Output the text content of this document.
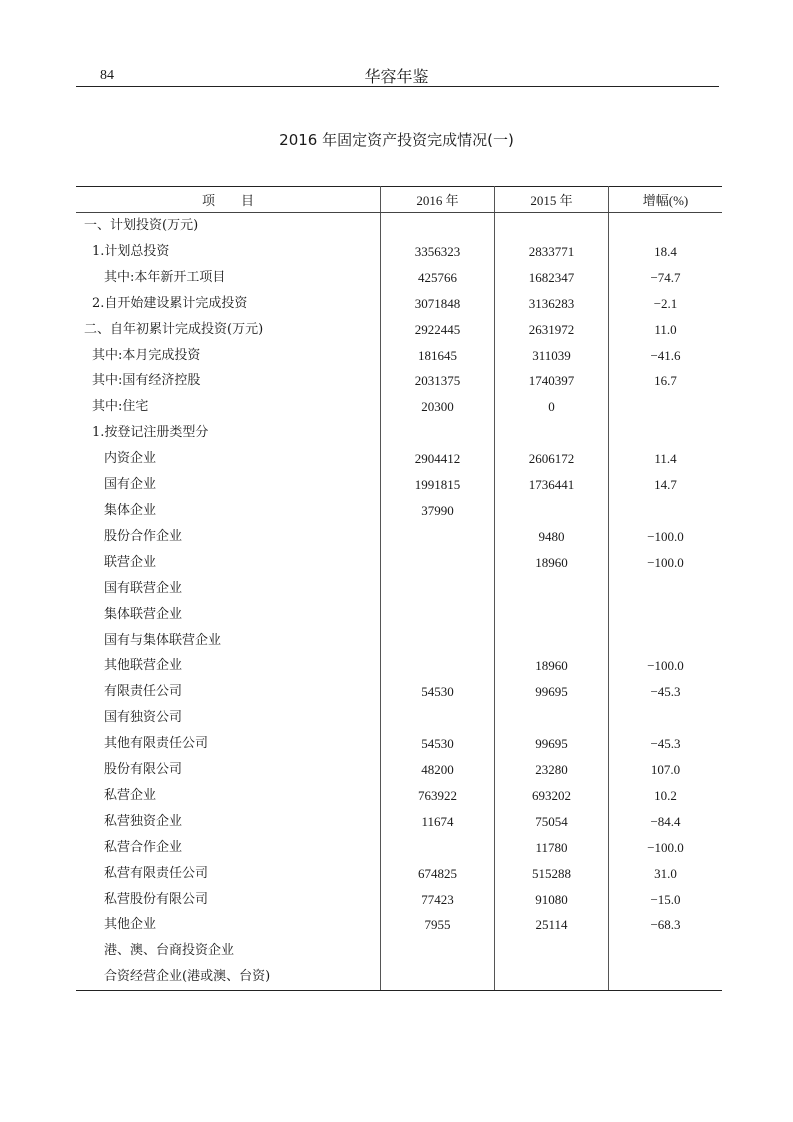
84	华容年鉴
2016 年固定资产投资完成情况(一)
项　　目	2016 年	2015 年	增幅(%)
一、计划投资(万元)			
1.计划总投资	3356323	2833771	18.4
其中:本年新开工项目	425766	1682347	−74.7
2.自开始建设累计完成投资	3071848	3136283	−2.1
二、自年初累计完成投资(万元)	2922445	2631972	11.0
其中:本月完成投资	181645	311039	−41.6
其中:国有经济控股	2031375	1740397	16.7
其中:住宅	20300	0	
1.按登记注册类型分			
内资企业	2904412	2606172	11.4
国有企业	1991815	1736441	14.7
集体企业	37990		
股份合作企业		9480	−100.0
联营企业		18960	−100.0
国有联营企业			
集体联营企业			
国有与集体联营企业			
其他联营企业		18960	−100.0
有限责任公司	54530	99695	−45.3
国有独资公司			
其他有限责任公司	54530	99695	−45.3
股份有限公司	48200	23280	107.0
私营企业	763922	693202	10.2
私营独资企业	11674	75054	−84.4
私营合作企业		11780	−100.0
私营有限责任公司	674825	515288	31.0
私营股份有限公司	77423	91080	−15.0
其他企业	7955	25114	−68.3
港、澳、台商投资企业			
合资经营企业(港或澳、台资)			
